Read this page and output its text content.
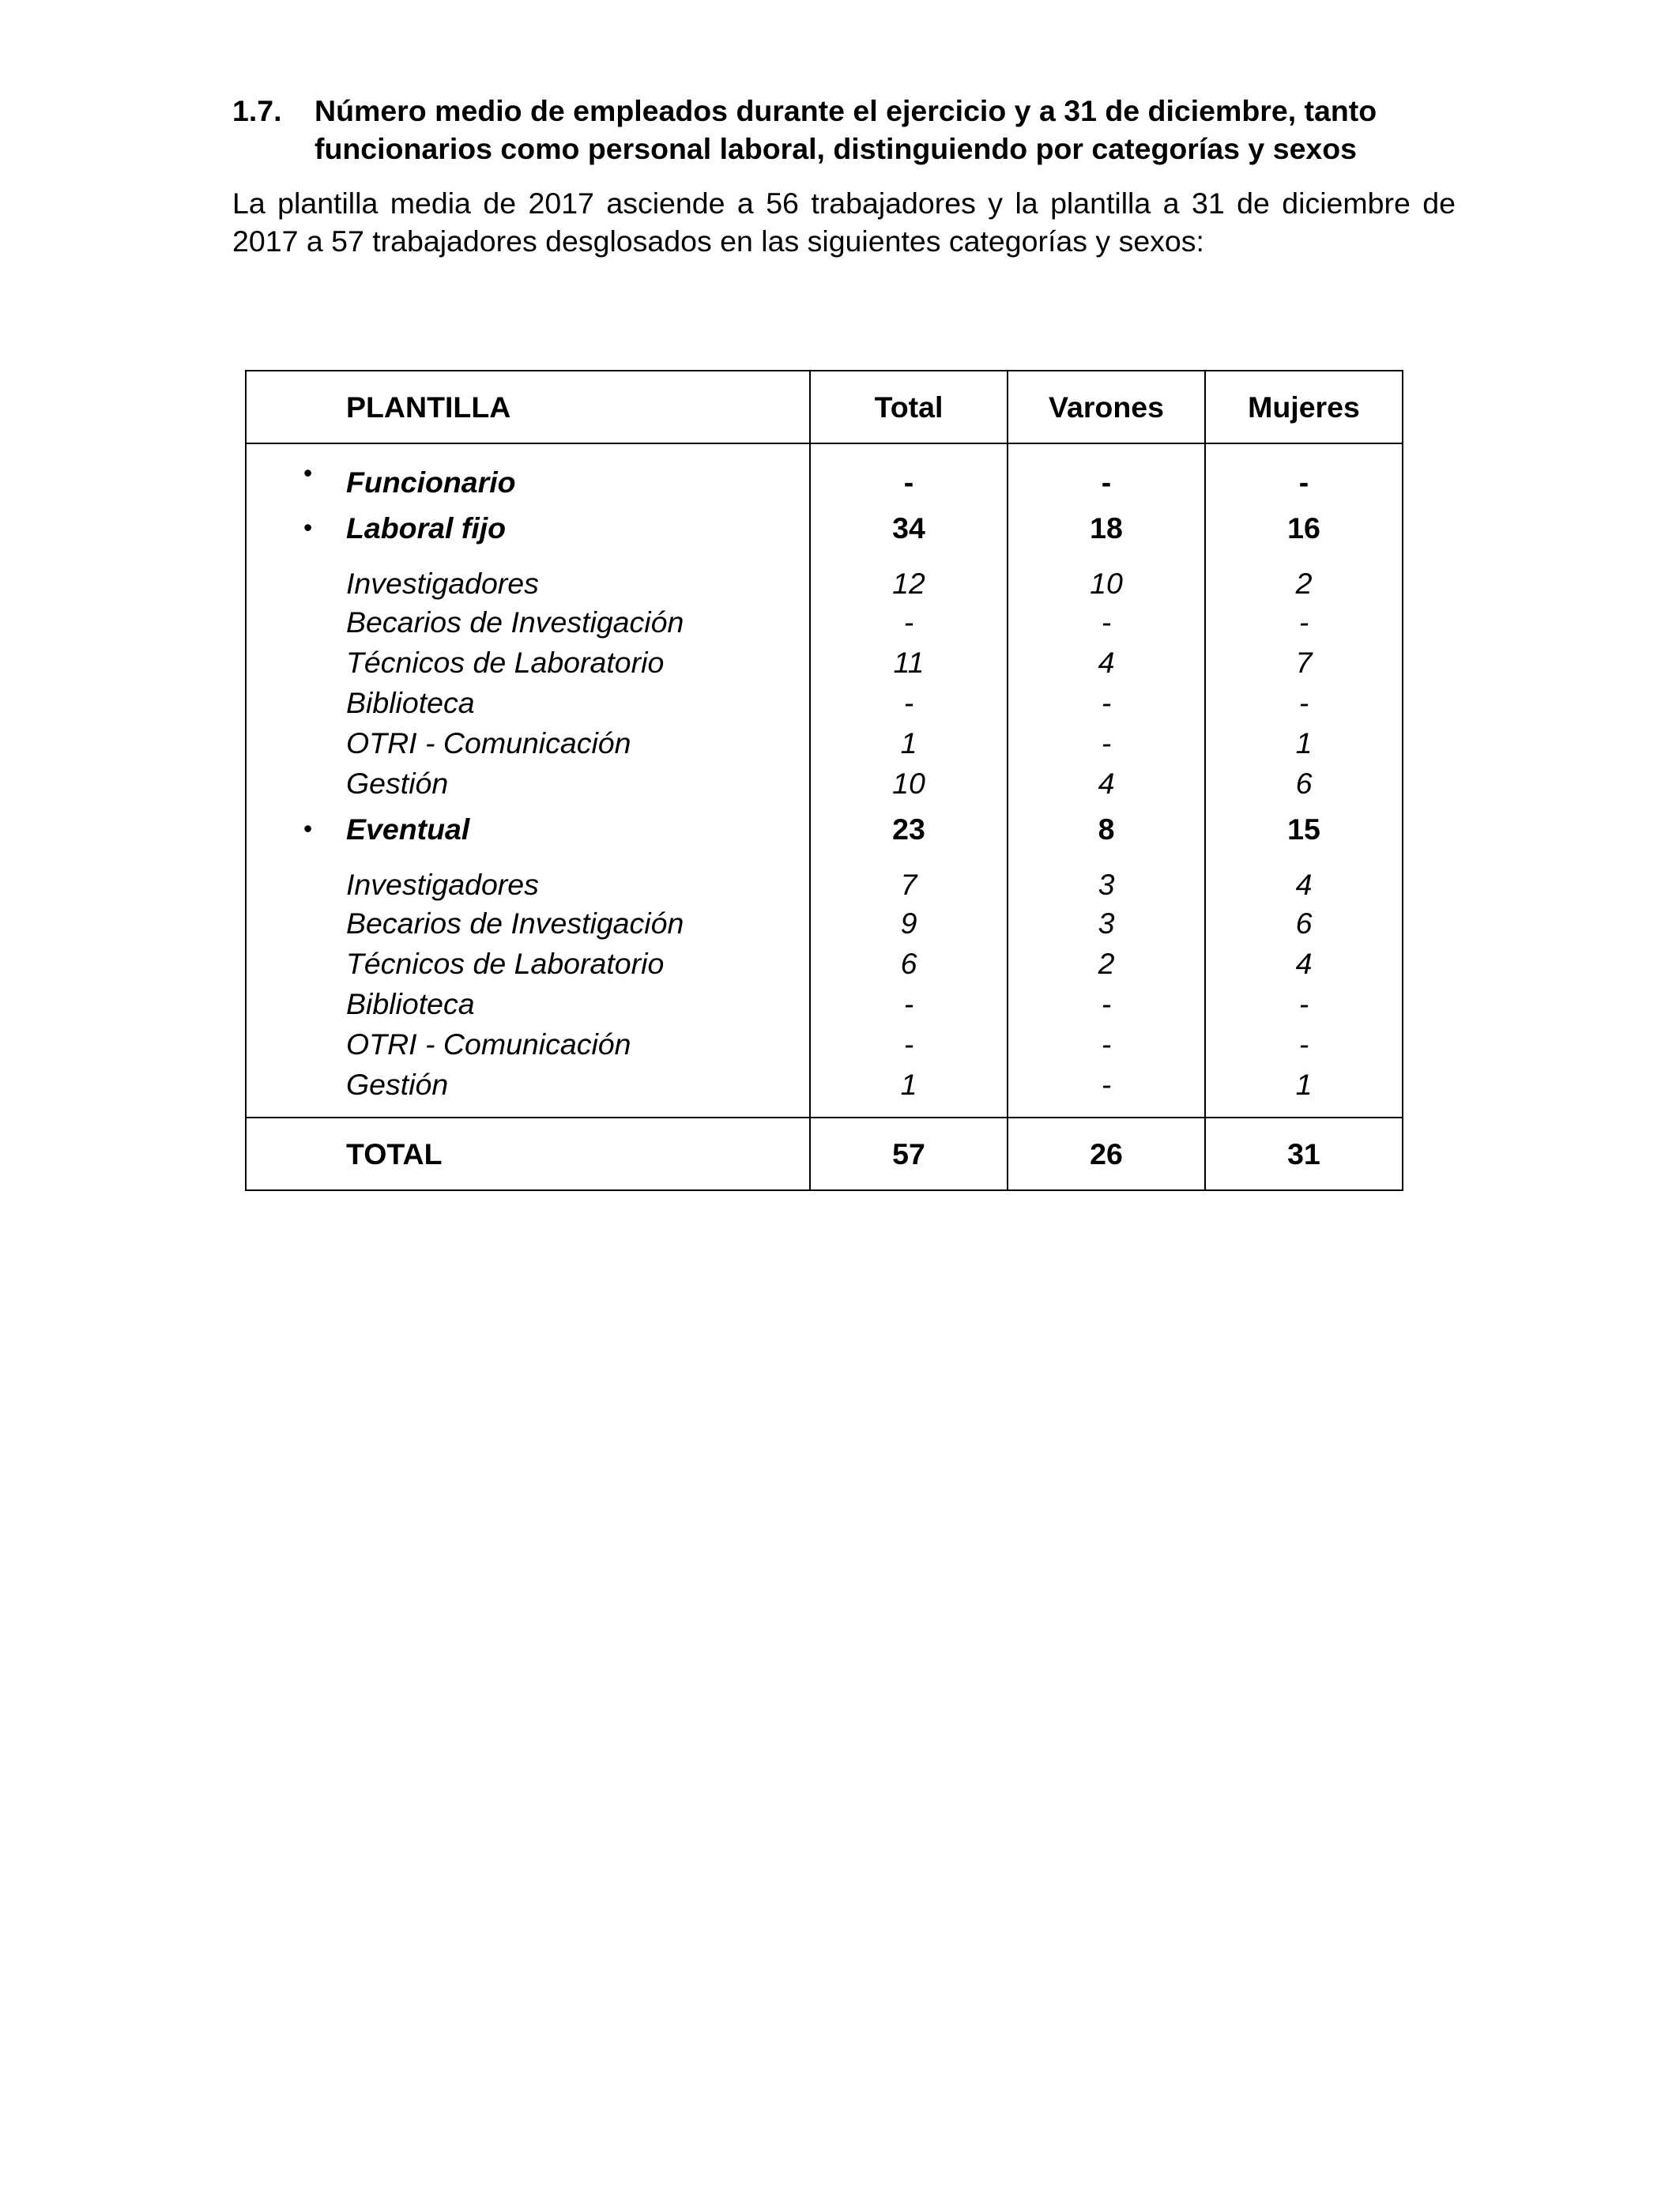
1.7. Número medio de empleados durante el ejercicio y a 31 de diciembre, tanto funcionarios como personal laboral, distinguiendo por categorías y sexos

La plantilla media de 2017 asciende a 56 trabajadores y la plantilla a 31 de diciembre de 2017 a 57 trabajadores desglosados en las siguientes categorías y sexos:

PLANTILLA	Total	Varones	Mujeres

• Funcionario	-	-	-

• Laboral fijo	34	18	16
Investigadores	12	10	2
Becarios de Investigación	-	-	-
Técnicos de Laboratorio	11	4	7
Biblioteca	-	-	-
OTRI - Comunicación	1	-	1
Gestión	10	4	6

• Eventual	23	8	15
Investigadores	7	3	4
Becarios de Investigación	9	3	6
Técnicos de Laboratorio	6	2	4
Biblioteca	-	-	-
OTRI - Comunicación	-	-	-
Gestión	1	-	1
TOTAL	57	26	31
